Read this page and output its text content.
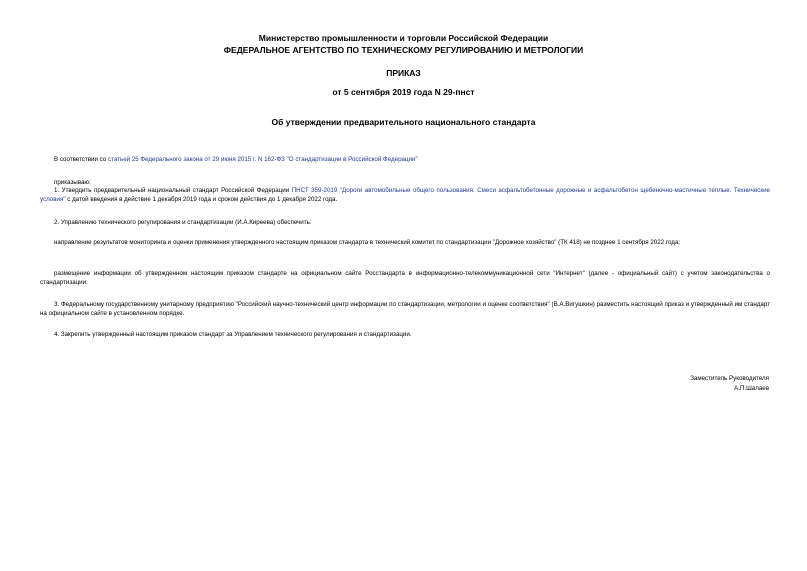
Министерство промышленности и торговли Российской Федерации
ФЕДЕРАЛЬНОЕ АГЕНТСТВО ПО ТЕХНИЧЕСКОМУ РЕГУЛИРОВАНИЮ И МЕТРОЛОГИИ
ПРИКАЗ
от 5 сентября 2019 года N 29-пнст
Об утверждении предварительного национального стандарта
В соответствии со статьей 25 Федерального закона от 29 июня 2015 г. N 162-ФЗ "О стандартизации в Российской Федерации"
приказываю:
1. Утвердить предварительный национальный стандарт Российской Федерации ПНСТ 359-2019 "Дороги автомобильные общего пользования. Смеси асфальтобетонные дорожные и асфальтобетон щебеночно-мастичные теплые. Технические условия" с датой введения в действие 1 декабря 2019 года и сроком действия до 1 декабря 2022 года.
2. Управлению технического регулирования и стандартизации (И.А.Киреева) обеспечить:
направление результатов мониторинга и оценки применения утвержденного настоящим приказом стандарта в технический комитет по стандартизации "Дорожное хозяйство" (ТК 418) не позднее 1 сентября 2022 года;
размещение информации об утвержденном настоящим приказом стандарте на официальном сайте Росстандарта в информационно-телекоммуникационной сети "Интернет" (далее - официальный сайт) с учетом законодательства о стандартизации.
3. Федеральному государственному унитарному предприятию "Российский научно-технический центр информации по стандартизации, метрологии и оценке соответствия" (В.А.Вигушкин) разместить настоящий приказ и утвержденный им стандарт на официальном сайте в установленном порядке.
4. Закрепить утвержденный настоящим приказом стандарт за Управлением технического регулирования и стандартизации.
Заместитель Руководителя
А.П.Шалаев
